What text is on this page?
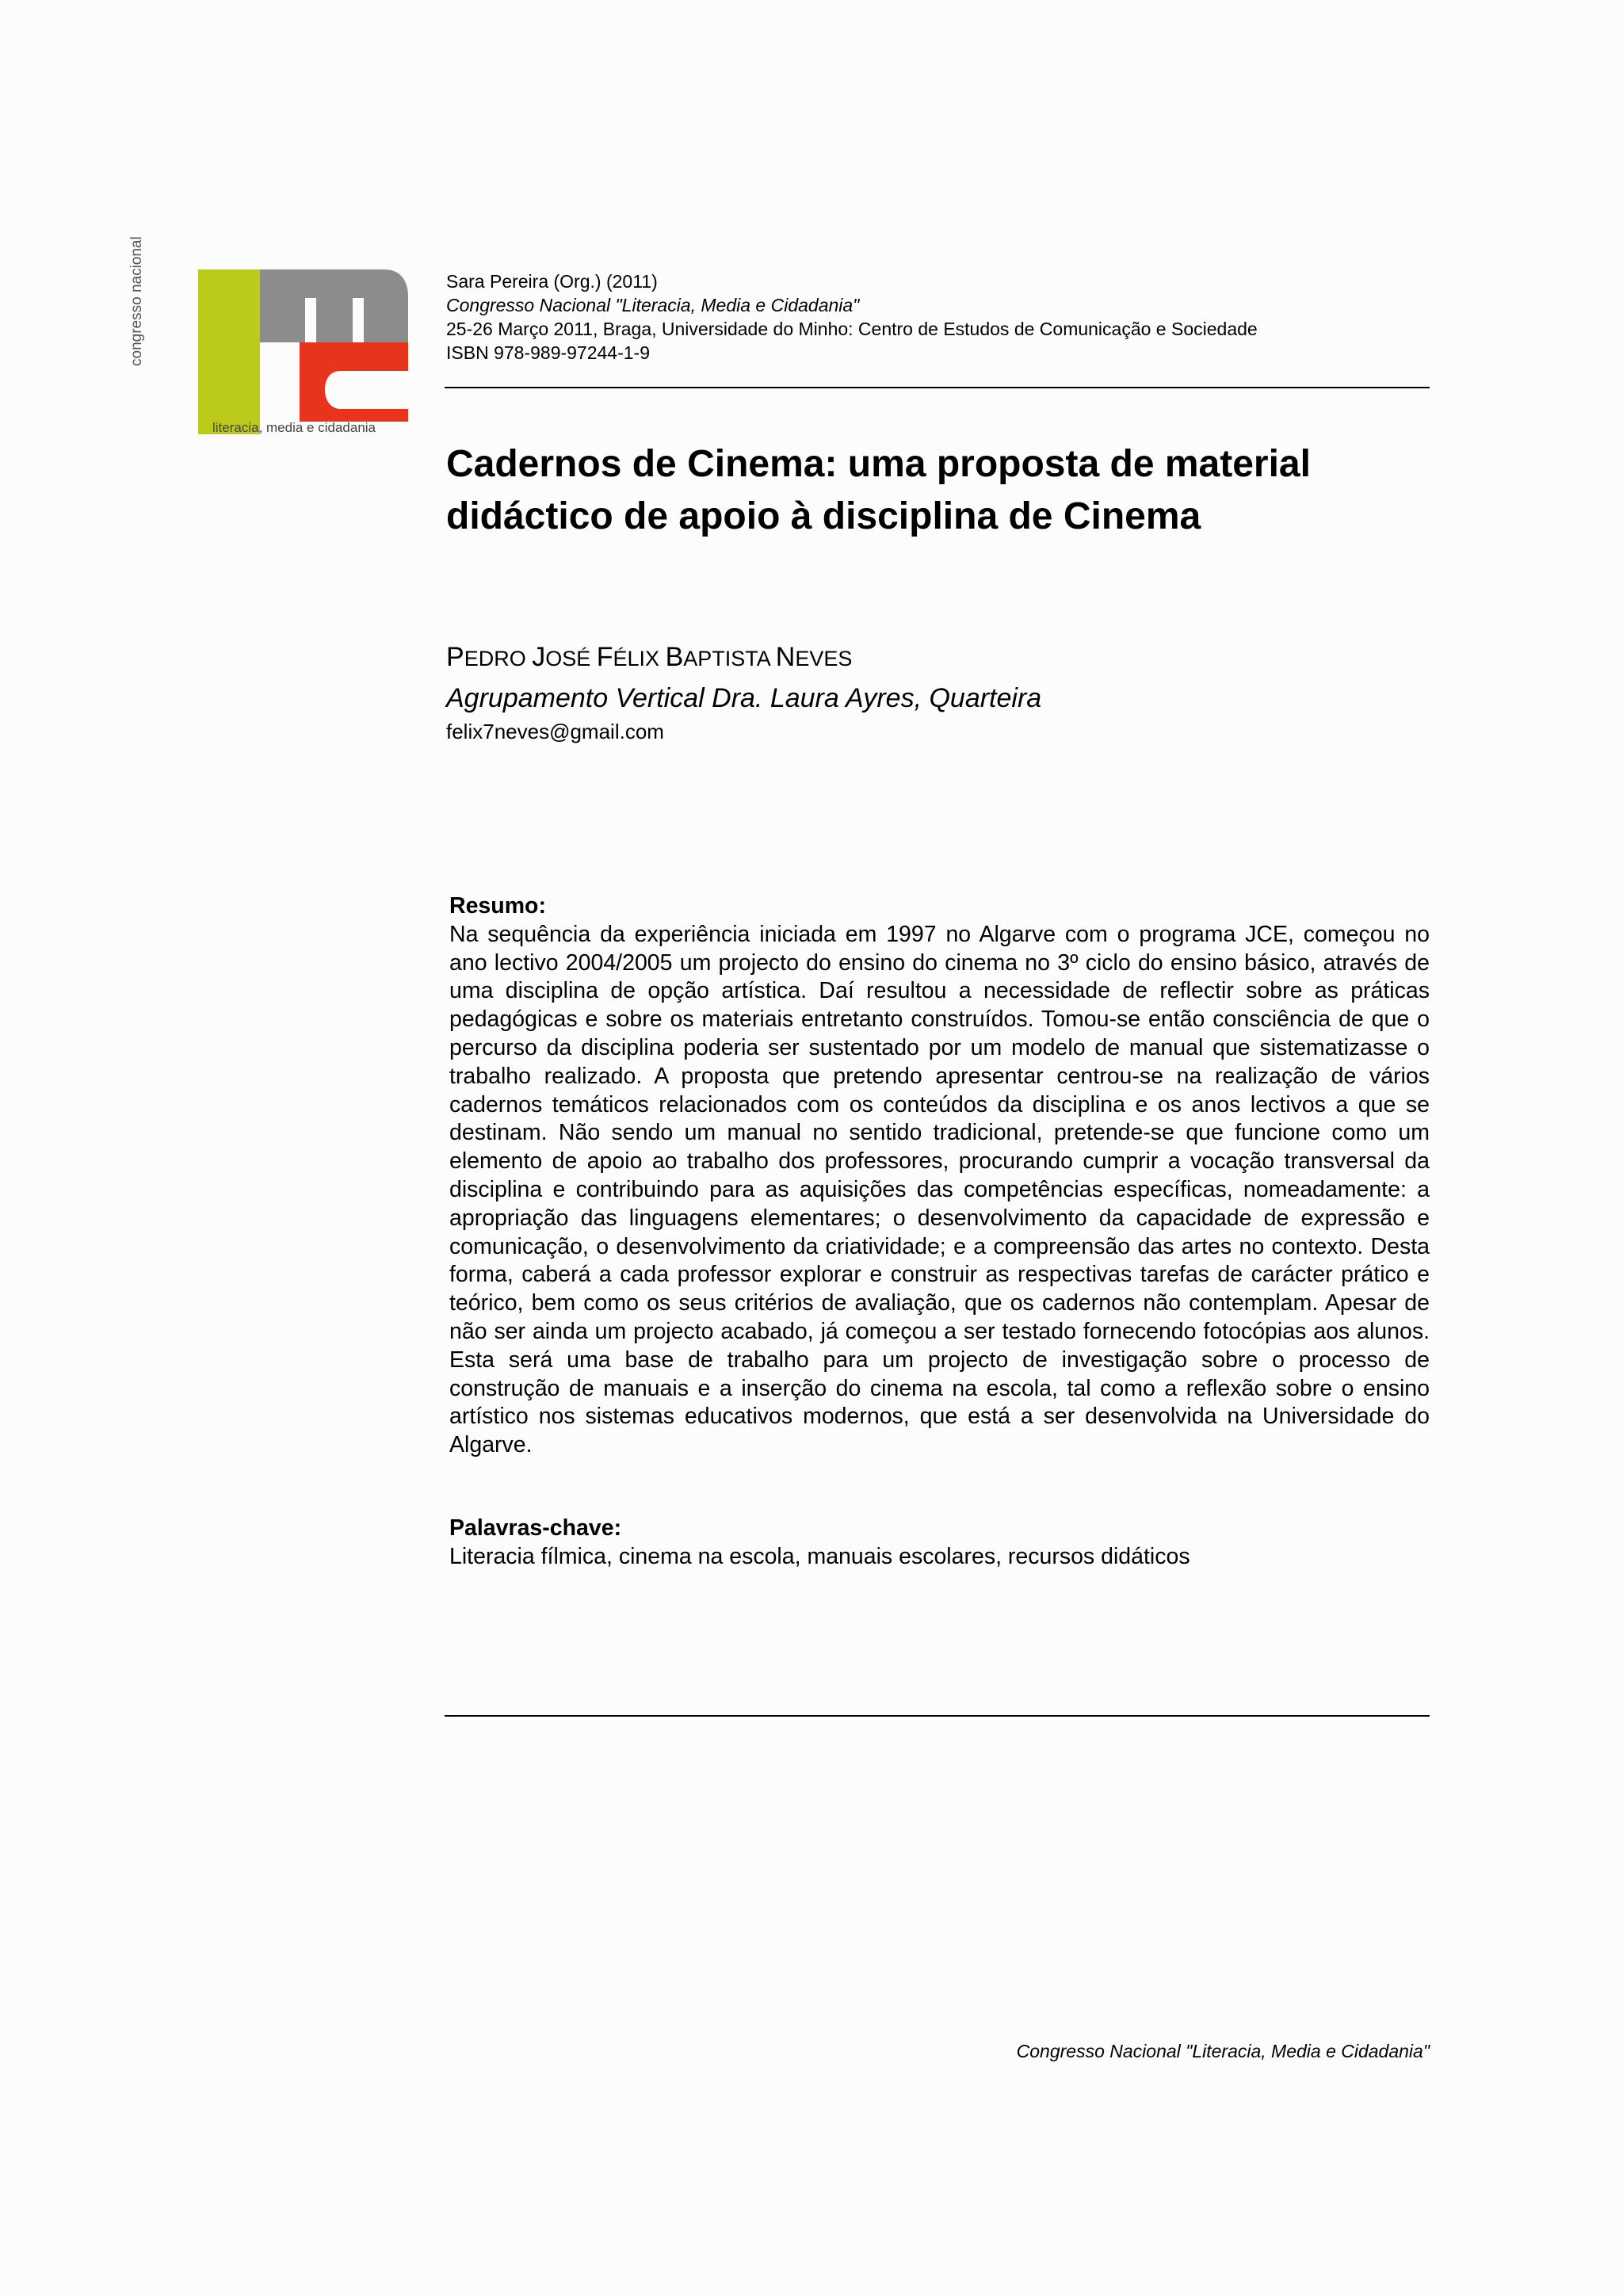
congresso nacional
literacia, media e cidadania
Sara Pereira (Org.) (2011)
Congresso Nacional "Literacia, Media e Cidadania"
25-26 Março 2011, Braga, Universidade do Minho: Centro de Estudos de Comunicação e Sociedade
ISBN 978-989-97244-1-9
Cadernos de Cinema: uma proposta de material
didáctico de apoio à disciplina de Cinema
PEDRO JOSÉ FÉLIX BAPTISTA NEVES
Agrupamento Vertical Dra. Laura Ayres, Quarteira
felix7neves@gmail.com
Resumo:

Na sequência da experiência iniciada em 1997 no Algarve com o programa JCE, começou no ano lectivo 2004/2005 um projecto do ensino do cinema no 3º ciclo do ensino básico, através de uma disciplina de opção artística. Daí resultou a necessidade de reflectir sobre as práticas pedagógicas e sobre os materiais entretanto construídos. Tomou-se então consciência de que o percurso da disciplina poderia ser sustentado por um modelo de manual que sistematizasse o trabalho realizado. A proposta que pretendo apresentar centrou-se na realização de vários cadernos temáticos relacionados com os conteúdos da disciplina e os anos lectivos a que se destinam. Não sendo um manual no sentido tradicional, pretende-se que funcione como um elemento de apoio ao trabalho dos professores, procurando cumprir a vocação transversal da disciplina e contribuindo para as aquisições das competências específicas, nomeadamente: a apropriação das linguagens elementares; o desenvolvimento da capacidade de expressão e comunicação, o desenvolvimento da criatividade; e a compreensão das artes no contexto. Desta forma, caberá a cada professor explorar e construir as respectivas tarefas de carácter prático e teórico, bem como os seus critérios de avaliação, que os cadernos não contemplam. Apesar de não ser ainda um projecto acabado, já começou a ser testado fornecendo fotocópias aos alunos. Esta será uma base de trabalho para um projecto de investigação sobre o processo de construção de manuais e a inserção do cinema na escola, tal como a reflexão sobre o ensino artístico nos sistemas educativos modernos, que está a ser desenvolvida na Universidade do Algarve.

Palavras-chave:
Literacia fílmica, cinema na escola, manuais escolares, recursos didáticos
Congresso Nacional "Literacia, Media e Cidadania"
